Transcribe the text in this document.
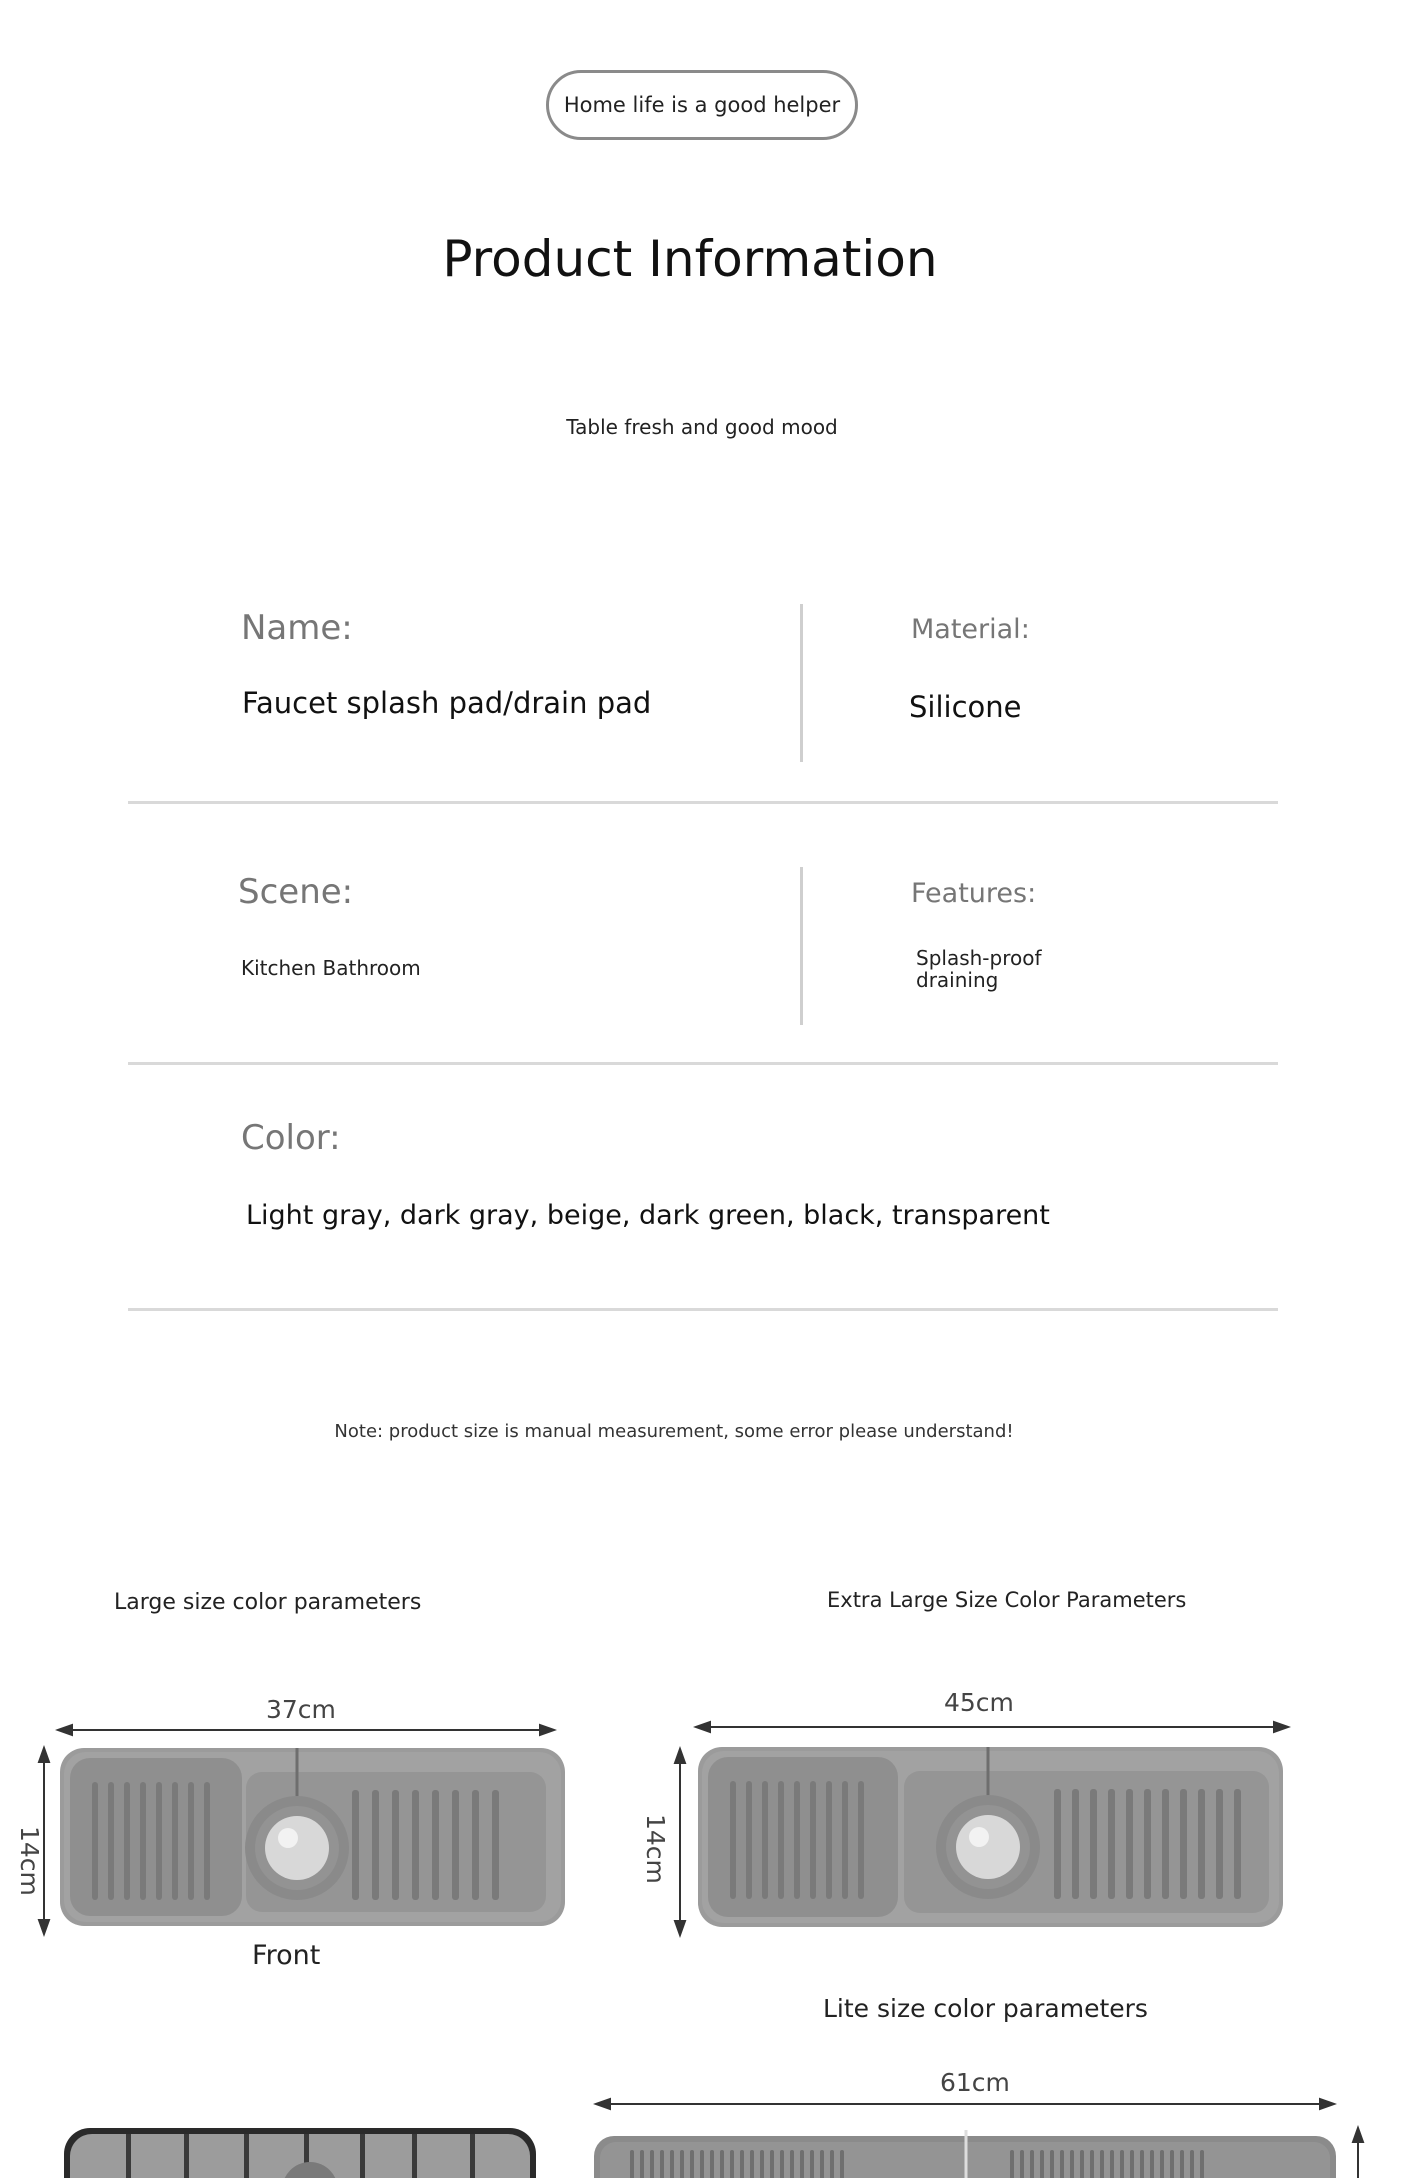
Home life is a good helper
Product Information
Table fresh and good mood
Name:
Faucet splash pad/drain pad
Material:
Silicone
Scene:
Kitchen Bathroom
Features:
Splash-proof
draining
Color:
Light gray, dark gray, beige, dark green, black, transparent
Note: product size is manual measurement, some error please understand!
Large size color parameters	Extra Large Size Color Parameters
37cm
14cm
Front
45cm
14cm
Lite size color parameters
61cm
